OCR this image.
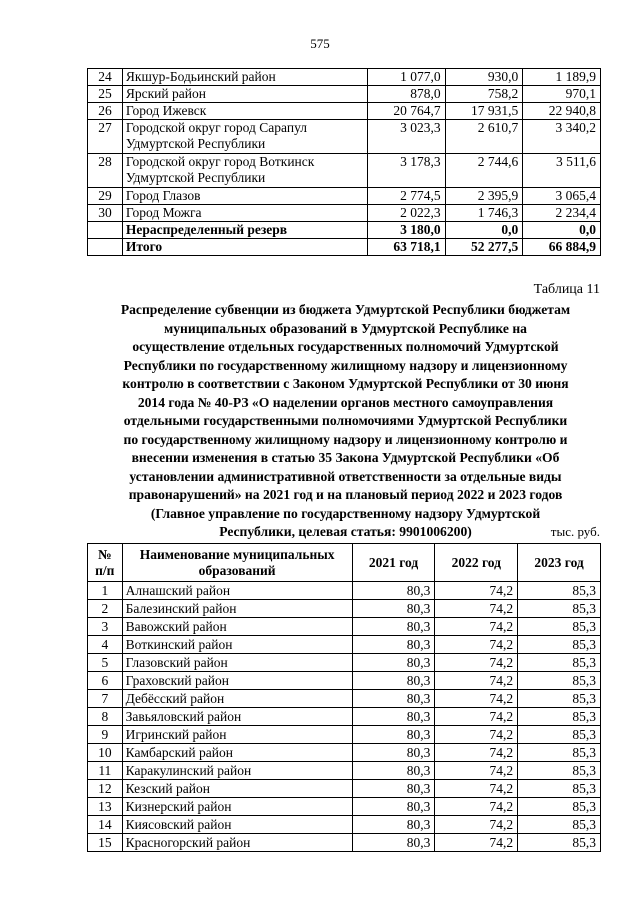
575
24	Якшур-Бодьинский район	1 077,0	930,0	1 189,9
25	Ярский район	878,0	758,2	970,1
26	Город Ижевск	20 764,7	17 931,5	22 940,8
27	Городской округ город Сарапул Удмуртской Республики	3 023,3	2 610,7	3 340,2
28	Городской округ город Воткинск Удмуртской Республики	3 178,3	2 744,6	3 511,6
29	Город Глазов	2 774,5	2 395,9	3 065,4
30	Город Можга	2 022,3	1 746,3	2 234,4
	Нераспределенный резерв	3 180,0	0,0	0,0
	Итого	63 718,1	52 277,5	66 884,9
Таблица 11
Распределение субвенции из бюджета Удмуртской Республики бюджетам
муниципальных образований в Удмуртской Республике на
осуществление отдельных государственных полномочий Удмуртской
Республики по государственному жилищному надзору и лицензионному
контролю в соответствии с Законом Удмуртской Республики от 30 июня
2014 года № 40-РЗ «О наделении органов местного самоуправления
отдельными государственными полномочиями Удмуртской Республики
по государственному жилищному надзору и лицензионному контролю и
внесении изменения в статью 35 Закона Удмуртской Республики «Об
установлении административной ответственности за отдельные виды
правонарушений» на 2021 год и на плановый период 2022 и 2023 годов
(Главное управление по государственному надзору Удмуртской
Республики, целевая статья: 9901006200)	тыс. руб.
№
п/п	Наименование муниципальных
образований	2021 год	2022 год	2023 год
1	Алнашский район	80,3	74,2	85,3
2	Балезинский район	80,3	74,2	85,3
3	Вавожский район	80,3	74,2	85,3
4	Воткинский район	80,3	74,2	85,3
5	Глазовский район	80,3	74,2	85,3
6	Граховский район	80,3	74,2	85,3
7	Дебёсский район	80,3	74,2	85,3
8	Завьяловский район	80,3	74,2	85,3
9	Игринский район	80,3	74,2	85,3
10	Камбарский район	80,3	74,2	85,3
11	Каракулинский район	80,3	74,2	85,3
12	Кезский район	80,3	74,2	85,3
13	Кизнерский район	80,3	74,2	85,3
14	Киясовский район	80,3	74,2	85,3
15	Красногорский район	80,3	74,2	85,3
